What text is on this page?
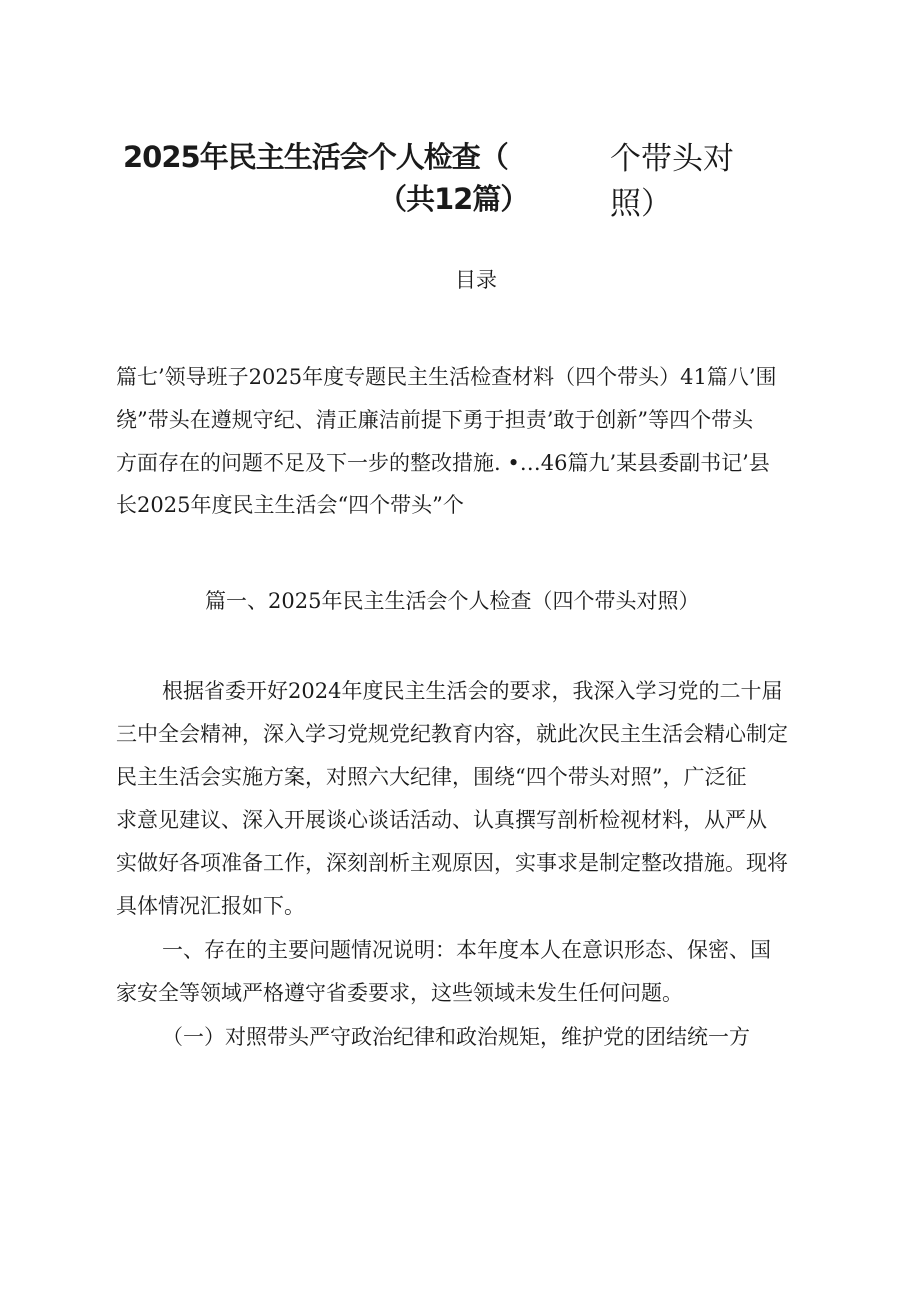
2025年民主生活会个人检查（	个带头对
（共12篇）	照）
目录
篇七’领导班子2025年度专题民主生活检查材料（四个带头）41篇八’围
绕”带头在遵规守纪、清正廉洁前提下勇于担责’敢于创新”等四个带头
方面存在的问题不足及下一步的整改措施. •…46篇九’某县委副书记’县
长2025年度民主生活会“四个带头”个
篇一、2025年民主生活会个人检查（四个带头对照）
根据省委开好2024年度民主生活会的要求，我深入学习党的二十届
三中全会精神，深入学习党规党纪教育内容，就此次民主生活会精心制定
民主生活会实施方案，对照六大纪律，围绕“四个带头对照”，广泛征
求意见建议、深入开展谈心谈话活动、认真撰写剖析检视材料，从严从
实做好各项准备工作，深刻剖析主观原因，实事求是制定整改措施。现将
具体情况汇报如下。
一、存在的主要问题情况说明：本年度本人在意识形态、保密、国
家安全等领域严格遵守省委要求，这些领域未发生任何问题。
（一）对照带头严守政治纪律和政治规矩，维护党的团结统一方
